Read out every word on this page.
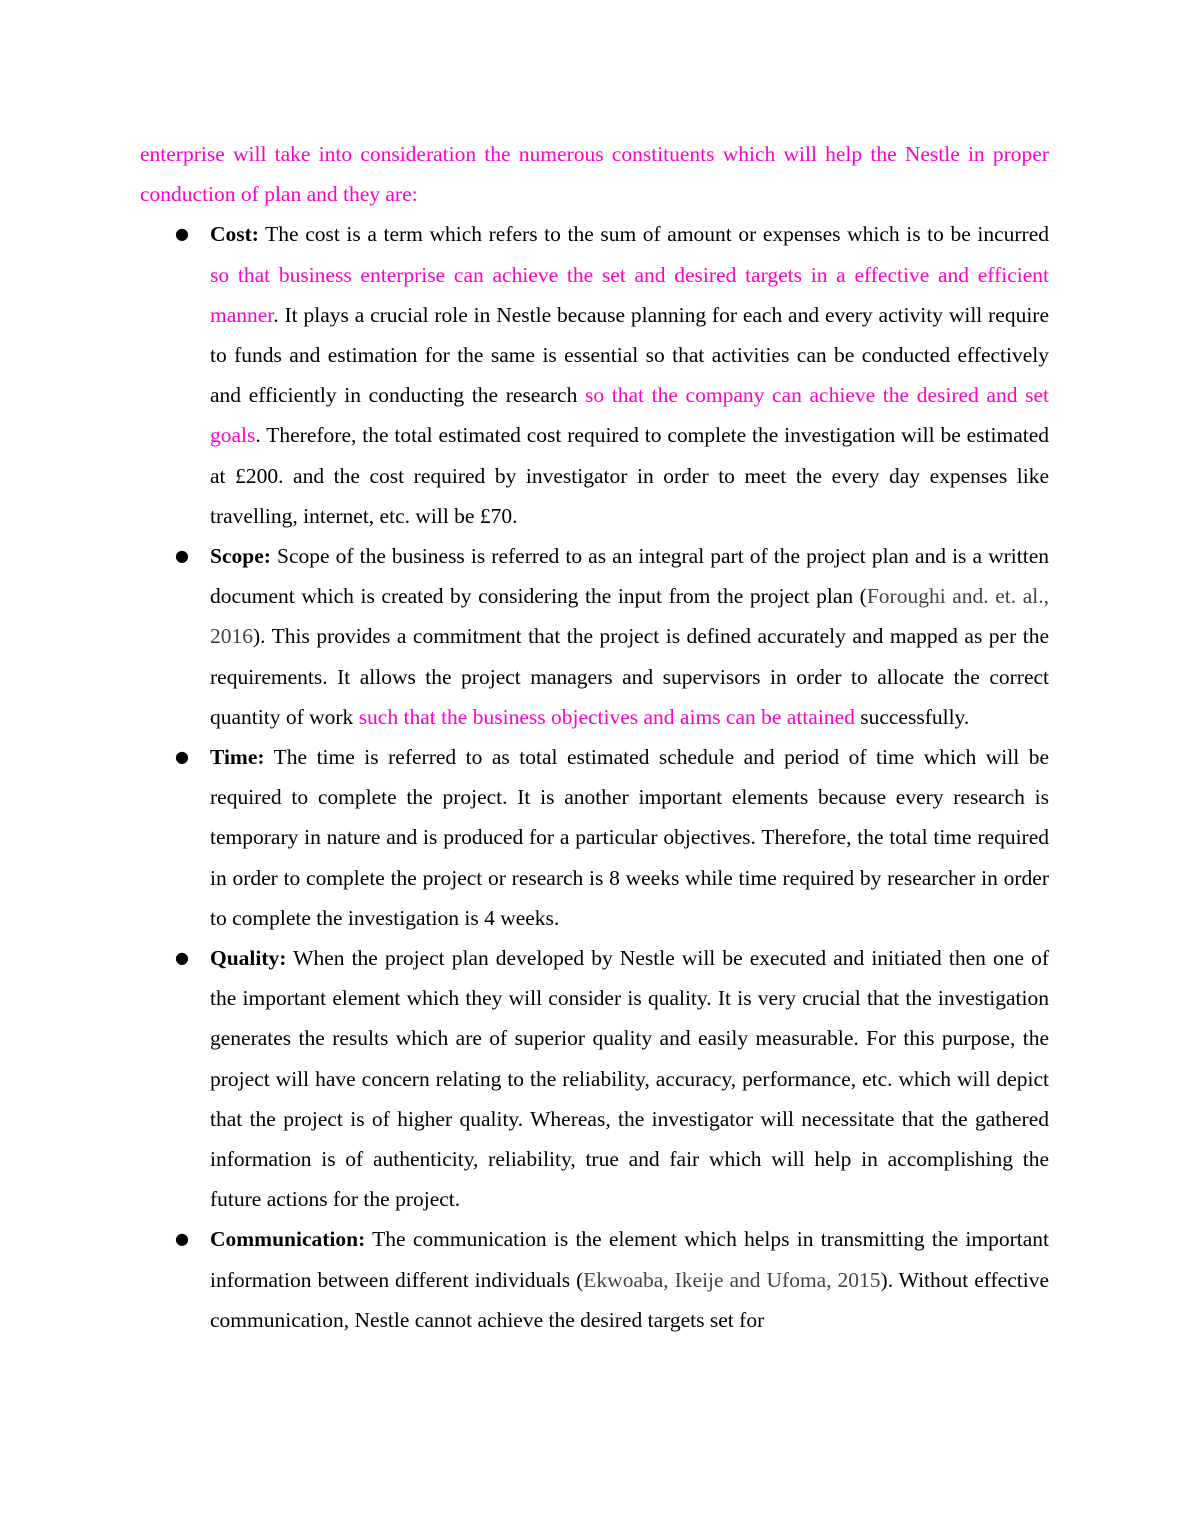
enterprise will take into consideration the numerous constituents which will help the Nestle in proper conduction of plan and they are:

● Cost: The cost is a term which refers to the sum of amount or expenses which is to be incurred so that business enterprise can achieve the set and desired targets in a effective and efficient manner. It plays a crucial role in Nestle because planning for each and every activity will require to funds and estimation for the same is essential so that activities can be conducted effectively and efficiently in conducting the research so that the company can achieve the desired and set goals. Therefore, the total estimated cost required to complete the investigation will be estimated at £200. and the cost required by investigator in order to meet the every day expenses like travelling, internet, etc. will be £70.
● Scope: Scope of the business is referred to as an integral part of the project plan and is a written document which is created by considering the input from the project plan (Foroughi and. et. al., 2016). This provides a commitment that the project is defined accurately and mapped as per the requirements. It allows the project managers and supervisors in order to allocate the correct quantity of work such that the business objectives and aims can be attained successfully.
● Time: The time is referred to as total estimated schedule and period of time which will be required to complete the project. It is another important elements because every research is temporary in nature and is produced for a particular objectives. Therefore, the total time required in order to complete the project or research is 8 weeks while time required by researcher in order to complete the investigation is 4 weeks.
● Quality: When the project plan developed by Nestle will be executed and initiated then one of the important element which they will consider is quality. It is very crucial that the investigation generates the results which are of superior quality and easily measurable. For this purpose, the project will have concern relating to the reliability, accuracy, performance, etc. which will depict that the project is of higher quality. Whereas, the investigator will necessitate that the gathered information is of authenticity, reliability, true and fair which will help in accomplishing the future actions for the project.
● Communication: The communication is the element which helps in transmitting the important information between different individuals (Ekwoaba, Ikeije and Ufoma, 2015). Without effective communication, Nestle cannot achieve the desired targets set for
